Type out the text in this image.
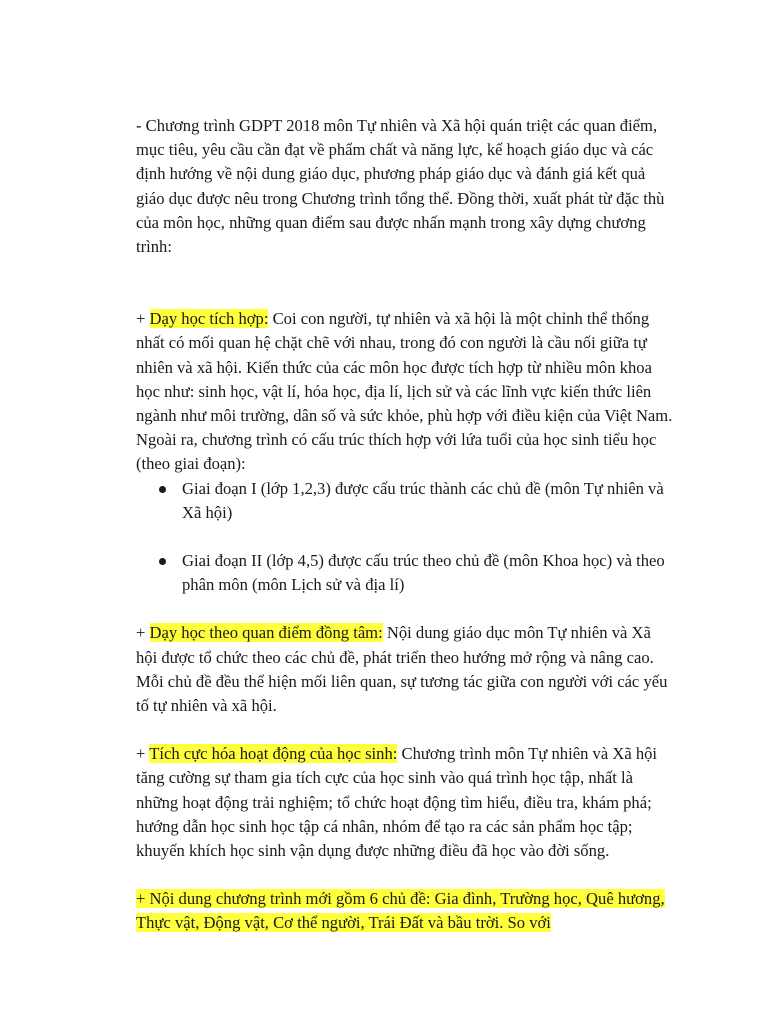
- Chương trình GDPT 2018 môn Tự nhiên và Xã hội quán triệt các quan điểm, mục tiêu, yêu cầu cần đạt về phẩm chất và năng lực, kế hoạch giáo dục và các định hướng về nội dung giáo dục, phương pháp giáo dục và đánh giá kết quả giáo dục được nêu trong Chương trình tổng thể. Đồng thời, xuất phát từ đặc thù của môn học, những quan điểm sau được nhấn mạnh trong xây dựng chương trình:

+ Dạy học tích hợp: Coi con người, tự nhiên và xã hội là một chỉnh thể thống nhất có mối quan hệ chặt chẽ với nhau, trong đó con người là cầu nối giữa tự nhiên và xã hội. Kiến thức của các môn học được tích hợp từ nhiều môn khoa học như: sinh học, vật lí, hóa học, địa lí, lịch sử và các lĩnh vực kiến thức liên ngành như môi trường, dân số và sức khỏe, phù hợp với điều kiện của Việt Nam. Ngoài ra, chương trình có cấu trúc thích hợp với lứa tuổi của học sinh tiểu học (theo giai đoạn):

Giai đoạn I (lớp 1,2,3) được cấu trúc thành các chủ đề (môn Tự nhiên và Xã hội)
Giai đoạn II (lớp 4,5) được cấu trúc theo chủ đề (môn Khoa học) và theo phân môn (môn Lịch sử và địa lí)

+ Dạy học theo quan điểm đồng tâm: Nội dung giáo dục môn Tự nhiên và Xã hội được tổ chức theo các chủ đề, phát triển theo hướng mở rộng và nâng cao. Mỗi chủ đề đều thể hiện mối liên quan, sự tương tác giữa con người với các yếu tố tự nhiên và xã hội.

+ Tích cực hóa hoạt động của học sinh: Chương trình môn Tự nhiên và Xã hội tăng cường sự tham gia tích cực của học sinh vào quá trình học tập, nhất là những hoạt động trải nghiệm; tổ chức hoạt động tìm hiểu, điều tra, khám phá; hướng dẫn học sinh học tập cá nhân, nhóm để tạo ra các sản phẩm học tập; khuyến khích học sinh vận dụng được những điều đã học vào đời sống.

+ Nội dung chương trình mới gồm 6 chủ đề: Gia đình, Trường học, Quê hương, Thực vật, Động vật, Cơ thể người, Trái Đất và bầu trời. So với
